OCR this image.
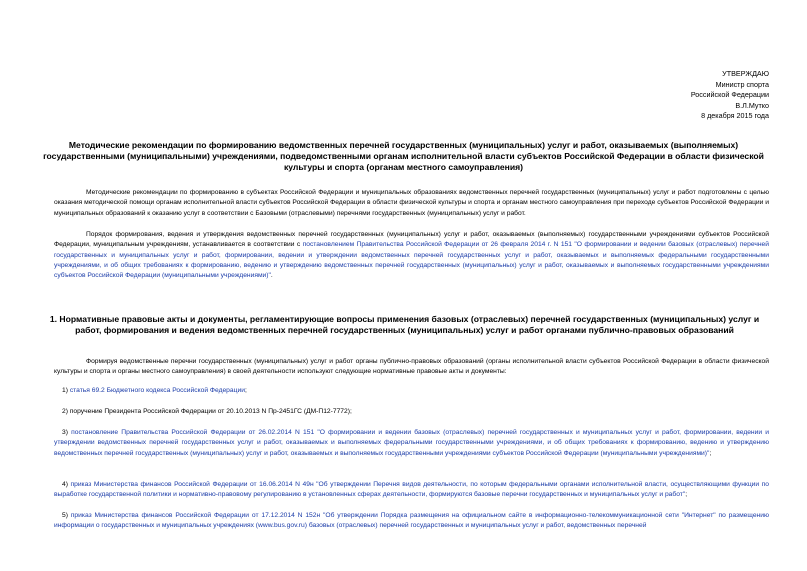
УТВЕРЖДАЮ
Министр спорта
Российской Федерации
В.Л.Мутко
8 декабря 2015 года
Методические рекомендации по формированию ведомственных перечней государственных (муниципальных) услуг и работ, оказываемых (выполняемых) государственными (муниципальными) учреждениями, подведомственными органам исполнительной власти субъектов Российской Федерации в области физической культуры и спорта (органам местного самоуправления)
Методические рекомендации по формированию в субъектах Российской Федерации и муниципальных образованиях ведомственных перечней государственных (муниципальных) услуг и работ подготовлены с целью оказания методической помощи органам исполнительной власти субъектов Российской Федерации в области физической культуры и спорта и органам местного самоуправления при переходе субъектов Российской Федерации и муниципальных образований к оказанию услуг в соответствии с Базовыми (отраслевыми) перечнями государственных (муниципальных) услуг и работ.
Порядок формирования, ведения и утверждения ведомственных перечней государственных (муниципальных) услуг и работ, оказываемых (выполняемых) государственными учреждениями субъектов Российской Федерации, муниципальным учреждениям, устанавливается в соответствии с постановлением Правительства Российской Федерации от 26 февраля 2014 г. N 151 "О формировании и ведении базовых (отраслевых) перечней государственных и муниципальных услуг и работ, формировании, ведении и утверждении ведомственных перечней государственных услуг и работ, оказываемых и выполняемых федеральными государственными учреждениями, и об общих требованиях к формированию, ведению и утверждению ведомственных перечней государственных (муниципальных) услуг и работ, оказываемых и выполняемых государственными учреждениями субъектов Российской Федерации (муниципальными учреждениями)".
1. Нормативные правовые акты и документы, регламентирующие вопросы применения базовых (отраслевых) перечней государственных (муниципальных) услуг и работ, формирования и ведения ведомственных перечней государственных (муниципальных) услуг и работ органами публично-правовых образований
Формируя ведомственные перечни государственных (муниципальных) услуг и работ органы публично-правовых образований (органы исполнительной власти субъектов Российской Федерации в области физической культуры и спорта и органы местного самоуправления) в своей деятельности используют следующие нормативные правовые акты и документы:
1) статья 69.2 Бюджетного кодекса Российской Федерации;
2) поручение Президента Российской Федерации от 20.10.2013 N Пр-2451ГС (ДМ-П12-7772);
3) постановление Правительства Российской Федерации от 26.02.2014 N 151 "О формировании и ведении базовых (отраслевых) перечней государственных и муниципальных услуг и работ, формировании, ведении и утверждении ведомственных перечней государственных услуг и работ, оказываемых и выполняемых федеральными государственными учреждениями, и об общих требованиях к формированию, ведению и утверждению ведомственных перечней государственных (муниципальных) услуг и работ, оказываемых и выполняемых государственными учреждениями субъектов Российской Федерации (муниципальными учреждениями)";
4) приказ Министерства финансов Российской Федерации от 16.06.2014 N 49н "Об утверждении Перечня видов деятельности, по которым федеральными органами исполнительной власти, осуществляющими функции по выработке государственной политики и нормативно-правовому регулированию в установленных сферах деятельности, формируются базовые перечни государственных и муниципальных услуг и работ";
5) приказ Министерства финансов Российской Федерации от 17.12.2014 N 152н "Об утверждении Порядка размещения на официальном сайте в информационно-телекоммуникационной сети "Интернет" по размещению информации о государственных и муниципальных учреждениях (www.bus.gov.ru) базовых (отраслевых) перечней государственных и муниципальных услуг и работ, ведомственных перечней
